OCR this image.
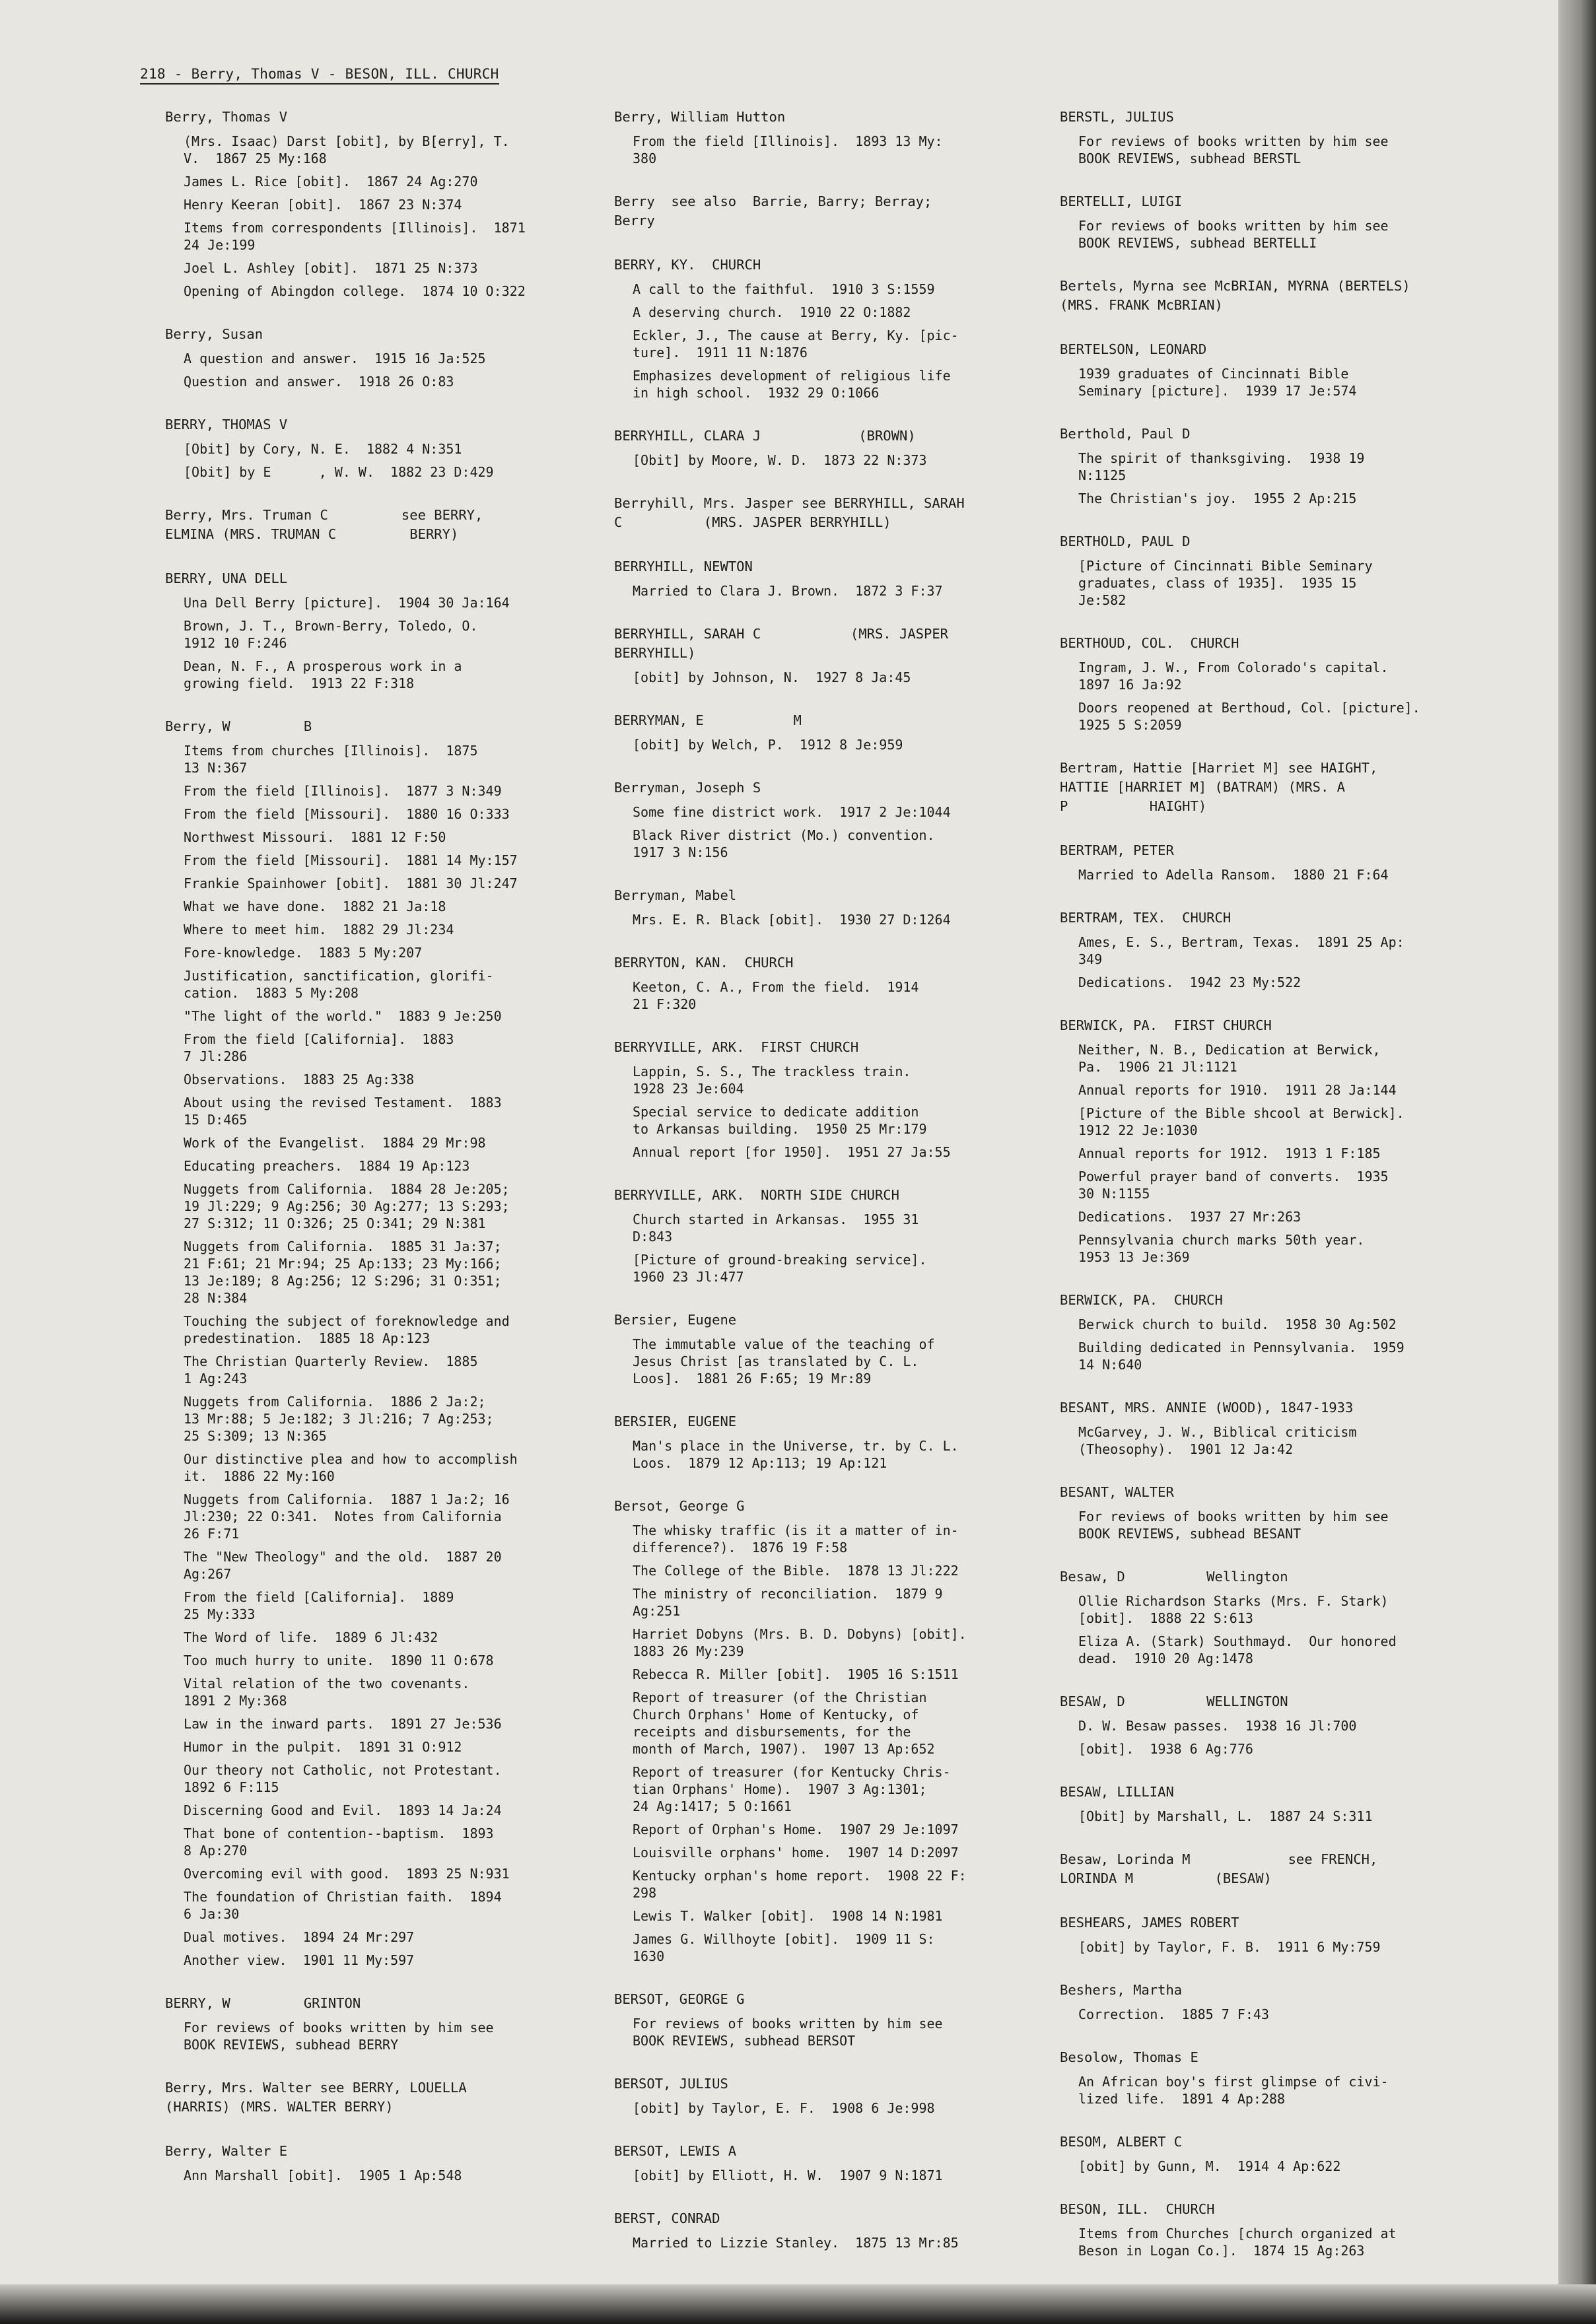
218 - Berry, Thomas V - BESON, ILL. CHURCH
Berry, Thomas V
(Mrs. Isaac) Darst [obit], by B[erry], T.
V.  1867 25 My:168
James L. Rice [obit].  1867 24 Ag:270
Henry Keeran [obit].  1867 23 N:374
Items from correspondents [Illinois].  1871
24 Je:199
Joel L. Ashley [obit].  1871 25 N:373
Opening of Abingdon college.  1874 10 O:322
Berry, Susan
A question and answer.  1915 16 Ja:525
Question and answer.  1918 26 O:83
BERRY, THOMAS V
[Obit] by Cory, N. E.  1882 4 N:351
[Obit] by E      , W. W.  1882 23 D:429
Berry, Mrs. Truman C         see BERRY,
ELMINA (MRS. TRUMAN C         BERRY)
BERRY, UNA DELL
Una Dell Berry [picture].  1904 30 Ja:164
Brown, J. T., Brown-Berry, Toledo, O.
1912 10 F:246
Dean, N. F., A prosperous work in a
growing field.  1913 22 F:318
Berry, W         B
Items from churches [Illinois].  1875
13 N:367
From the field [Illinois].  1877 3 N:349
From the field [Missouri].  1880 16 O:333
Northwest Missouri.  1881 12 F:50
From the field [Missouri].  1881 14 My:157
Frankie Spainhower [obit].  1881 30 Jl:247
What we have done.  1882 21 Ja:18
Where to meet him.  1882 29 Jl:234
Fore-knowledge.  1883 5 My:207
Justification, sanctification, glorifi-
cation.  1883 5 My:208
"The light of the world."  1883 9 Je:250
From the field [California].  1883
7 Jl:286
Observations.  1883 25 Ag:338
About using the revised Testament.  1883
15 D:465
Work of the Evangelist.  1884 29 Mr:98
Educating preachers.  1884 19 Ap:123
Nuggets from California.  1884 28 Je:205;
19 Jl:229; 9 Ag:256; 30 Ag:277; 13 S:293;
27 S:312; 11 O:326; 25 O:341; 29 N:381
Nuggets from California.  1885 31 Ja:37;
21 F:61; 21 Mr:94; 25 Ap:133; 23 My:166;
13 Je:189; 8 Ag:256; 12 S:296; 31 O:351;
28 N:384
Touching the subject of foreknowledge and
predestination.  1885 18 Ap:123
The Christian Quarterly Review.  1885
1 Ag:243
Nuggets from California.  1886 2 Ja:2;
13 Mr:88; 5 Je:182; 3 Jl:216; 7 Ag:253;
25 S:309; 13 N:365
Our distinctive plea and how to accomplish
it.  1886 22 My:160
Nuggets from California.  1887 1 Ja:2; 16
Jl:230; 22 O:341.  Notes from California
26 F:71
The "New Theology" and the old.  1887 20
Ag:267
From the field [California].  1889
25 My:333
The Word of life.  1889 6 Jl:432
Too much hurry to unite.  1890 11 O:678
Vital relation of the two covenants.
1891 2 My:368
Law in the inward parts.  1891 27 Je:536
Humor in the pulpit.  1891 31 O:912
Our theory not Catholic, not Protestant.
1892 6 F:115
Discerning Good and Evil.  1893 14 Ja:24
That bone of contention--baptism.  1893
8 Ap:270
Overcoming evil with good.  1893 25 N:931
The foundation of Christian faith.  1894
6 Ja:30
Dual motives.  1894 24 Mr:297
Another view.  1901 11 My:597
BERRY, W         GRINTON
For reviews of books written by him see
BOOK REVIEWS, subhead BERRY
Berry, Mrs. Walter see BERRY, LOUELLA
(HARRIS) (MRS. WALTER BERRY)
Berry, Walter E
Ann Marshall [obit].  1905 1 Ap:548
Berry, William Hutton
From the field [Illinois].  1893 13 My:
380
Berry  see also  Barrie, Barry; Berray;
Berry
BERRY, KY.  CHURCH
A call to the faithful.  1910 3 S:1559
A deserving church.  1910 22 O:1882
Eckler, J., The cause at Berry, Ky. [pic-
ture].  1911 11 N:1876
Emphasizes development of religious life
in high school.  1932 29 O:1066
BERRYHILL, CLARA J            (BROWN)
[Obit] by Moore, W. D.  1873 22 N:373
Berryhill, Mrs. Jasper see BERRYHILL, SARAH
C          (MRS. JASPER BERRYHILL)
BERRYHILL, NEWTON
Married to Clara J. Brown.  1872 3 F:37
BERRYHILL, SARAH C           (MRS. JASPER
BERRYHILL)
[obit] by Johnson, N.  1927 8 Ja:45
BERRYMAN, E           M
[obit] by Welch, P.  1912 8 Je:959
Berryman, Joseph S
Some fine district work.  1917 2 Je:1044
Black River district (Mo.) convention.
1917 3 N:156
Berryman, Mabel
Mrs. E. R. Black [obit].  1930 27 D:1264
BERRYTON, KAN.  CHURCH
Keeton, C. A., From the field.  1914
21 F:320
BERRYVILLE, ARK.  FIRST CHURCH
Lappin, S. S., The trackless train.
1928 23 Je:604
Special service to dedicate addition
to Arkansas building.  1950 25 Mr:179
Annual report [for 1950].  1951 27 Ja:55
BERRYVILLE, ARK.  NORTH SIDE CHURCH
Church started in Arkansas.  1955 31
D:843
[Picture of ground-breaking service].
1960 23 Jl:477
Bersier, Eugene
The immutable value of the teaching of
Jesus Christ [as translated by C. L.
Loos].  1881 26 F:65; 19 Mr:89
BERSIER, EUGENE
Man's place in the Universe, tr. by C. L.
Loos.  1879 12 Ap:113; 19 Ap:121
Bersot, George G
The whisky traffic (is it a matter of in-
difference?).  1876 19 F:58
The College of the Bible.  1878 13 Jl:222
The ministry of reconciliation.  1879 9
Ag:251
Harriet Dobyns (Mrs. B. D. Dobyns) [obit].
1883 26 My:239
Rebecca R. Miller [obit].  1905 16 S:1511
Report of treasurer (of the Christian
Church Orphans' Home of Kentucky, of
receipts and disbursements, for the
month of March, 1907).  1907 13 Ap:652
Report of treasurer (for Kentucky Chris-
tian Orphans' Home).  1907 3 Ag:1301;
24 Ag:1417; 5 O:1661
Report of Orphan's Home.  1907 29 Je:1097
Louisville orphans' home.  1907 14 D:2097
Kentucky orphan's home report.  1908 22 F:
298
Lewis T. Walker [obit].  1908 14 N:1981
James G. Willhoyte [obit].  1909 11 S:
1630
BERSOT, GEORGE G
For reviews of books written by him see
BOOK REVIEWS, subhead BERSOT
BERSOT, JULIUS
[obit] by Taylor, E. F.  1908 6 Je:998
BERSOT, LEWIS A
[obit] by Elliott, H. W.  1907 9 N:1871
BERST, CONRAD
Married to Lizzie Stanley.  1875 13 Mr:85
BERSTL, JULIUS
For reviews of books written by him see
BOOK REVIEWS, subhead BERSTL
BERTELLI, LUIGI
For reviews of books written by him see
BOOK REVIEWS, subhead BERTELLI
Bertels, Myrna see McBRIAN, MYRNA (BERTELS)
(MRS. FRANK McBRIAN)
BERTELSON, LEONARD
1939 graduates of Cincinnati Bible
Seminary [picture].  1939 17 Je:574
Berthold, Paul D
The spirit of thanksgiving.  1938 19
N:1125
The Christian's joy.  1955 2 Ap:215
BERTHOLD, PAUL D
[Picture of Cincinnati Bible Seminary
graduates, class of 1935].  1935 15
Je:582
BERTHOUD, COL.  CHURCH
Ingram, J. W., From Colorado's capital.
1897 16 Ja:92
Doors reopened at Berthoud, Col. [picture].
1925 5 S:2059
Bertram, Hattie [Harriet M] see HAIGHT,
HATTIE [HARRIET M] (BATRAM) (MRS. A
P          HAIGHT)
BERTRAM, PETER
Married to Adella Ransom.  1880 21 F:64
BERTRAM, TEX.  CHURCH
Ames, E. S., Bertram, Texas.  1891 25 Ap:
349
Dedications.  1942 23 My:522
BERWICK, PA.  FIRST CHURCH
Neither, N. B., Dedication at Berwick,
Pa.  1906 21 Jl:1121
Annual reports for 1910.  1911 28 Ja:144
[Picture of the Bible shcool at Berwick].
1912 22 Je:1030
Annual reports for 1912.  1913 1 F:185
Powerful prayer band of converts.  1935
30 N:1155
Dedications.  1937 27 Mr:263
Pennsylvania church marks 50th year.
1953 13 Je:369
BERWICK, PA.  CHURCH
Berwick church to build.  1958 30 Ag:502
Building dedicated in Pennsylvania.  1959
14 N:640
BESANT, MRS. ANNIE (WOOD), 1847-1933
McGarvey, J. W., Biblical criticism
(Theosophy).  1901 12 Ja:42
BESANT, WALTER
For reviews of books written by him see
BOOK REVIEWS, subhead BESANT
Besaw, D          Wellington
Ollie Richardson Starks (Mrs. F. Stark)
[obit].  1888 22 S:613
Eliza A. (Stark) Southmayd.  Our honored
dead.  1910 20 Ag:1478
BESAW, D          WELLINGTON
D. W. Besaw passes.  1938 16 Jl:700
[obit].  1938 6 Ag:776
BESAW, LILLIAN
[Obit] by Marshall, L.  1887 24 S:311
Besaw, Lorinda M            see FRENCH,
LORINDA M          (BESAW)
BESHEARS, JAMES ROBERT
[obit] by Taylor, F. B.  1911 6 My:759
Beshers, Martha
Correction.  1885 7 F:43
Besolow, Thomas E
An African boy's first glimpse of civi-
lized life.  1891 4 Ap:288
BESOM, ALBERT C
[obit] by Gunn, M.  1914 4 Ap:622
BESON, ILL.  CHURCH
Items from Churches [church organized at
Beson in Logan Co.].  1874 15 Ag:263
